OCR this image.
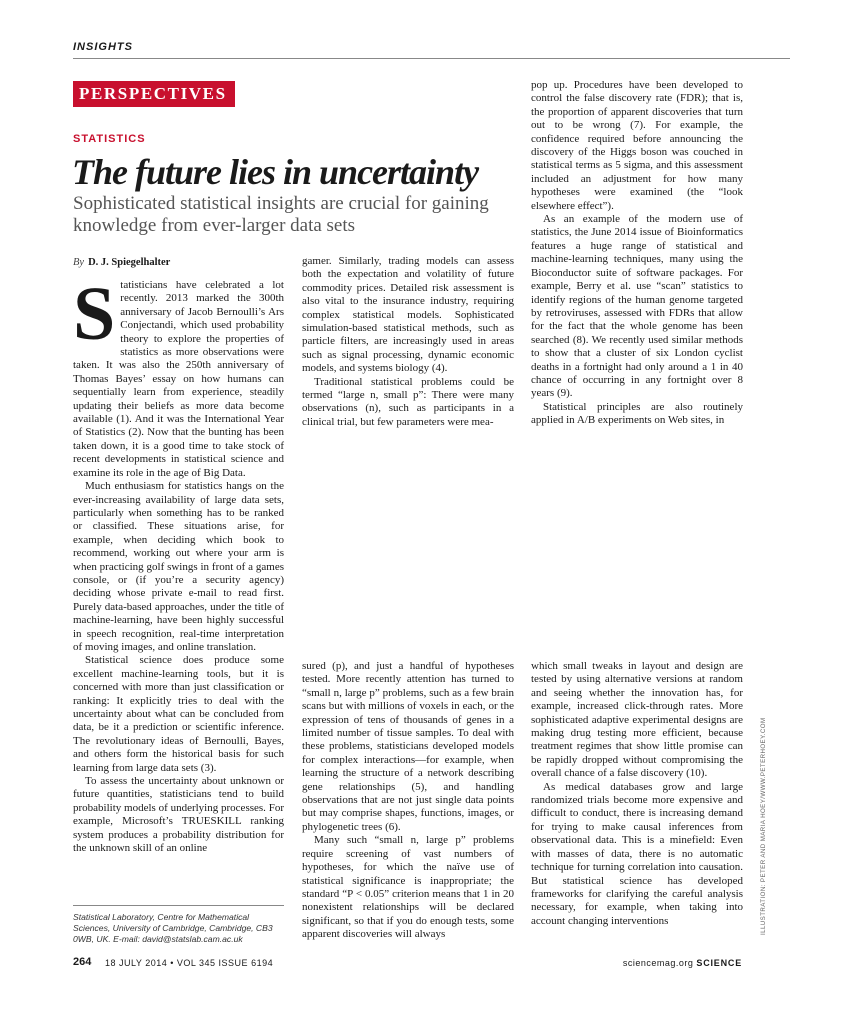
INSIGHTS
PERSPECTIVES
STATISTICS
The future lies in uncertainty

Sophisticated statistical insights are crucial for gaining knowledge from ever-larger data sets

By D. J. Spiegelhalter

Statisticians have celebrated a lot recently. 2013 marked the 300th anniversary of Jacob Bernoulli’s Ars Conjectandi, which used probability theory to explore the properties of statistics as more observations were taken. It was also the 250th anniversary of Thomas Bayes’ essay on how humans can sequentially learn from experience, steadily updating their beliefs as more data become available (1). And it was the International Year of Statistics (2). Now that the bunting has been taken down, it is a good time to take stock of recent developments in statistical science and examine its role in the age of Big Data.

Much enthusiasm for statistics hangs on the ever-increasing availability of large data sets, particularly when something has to be ranked or classified. These situations arise, for example, when deciding which book to recommend, working out where your arm is when practicing golf swings in front of a games console, or (if you’re a security agency) deciding whose private e-mail to read first. Purely data-based approaches, under the title of machine-learning, have been highly successful in speech recognition, real-time interpretation of moving images, and online translation.

Statistical science does produce some excellent machine-learning tools, but it is concerned with more than just classification or ranking: It explicitly tries to deal with the uncertainty about what can be concluded from data, be it a prediction or scientific inference. The revolutionary ideas of Bernoulli, Bayes, and others form the historical basis for such learning from large data sets (3).

To assess the uncertainty about unknown or future quantities, statisticians tend to build probability models of underlying processes. For example, Microsoft’s TRUESKILL ranking system produces a probability distribution for the unknown skill of an online

gamer. Similarly, trading models can assess both the expectation and volatility of future commodity prices. Detailed risk assessment is also vital to the insurance industry, requiring complex statistical models. Sophisticated simulation-based statistical methods, such as particle filters, are increasingly used in areas such as signal processing, dynamic economic models, and systems biology (4).

Traditional statistical problems could be termed “large n, small p”: There were many observations (n), such as participants in a clinical trial, but few parameters were mea-

sured (p), and just a handful of hypotheses tested. More recently attention has turned to “small n, large p” problems, such as a few brain scans but with millions of voxels in each, or the expression of tens of thousands of genes in a limited number of tissue samples. To deal with these problems, statisticians developed models for complex interactions—for example, when learning the structure of a network describing gene relationships (5), and handling observations that are not just single data points but may comprise shapes, functions, images, or phylogenetic trees (6).

Many such “small n, large p” problems require screening of vast numbers of hypotheses, for which the naïve use of statistical significance is inappropriate; the standard “P < 0.05” criterion means that 1 in 20 nonexistent relationships will be declared significant, so that if you do enough tests, some apparent discoveries will always

pop up. Procedures have been developed to control the false discovery rate (FDR); that is, the proportion of apparent discoveries that turn out to be wrong (7). For example, the confidence required before announcing the discovery of the Higgs boson was couched in statistical terms as 5 sigma, and this assessment included an adjustment for how many hypotheses were examined (the “look elsewhere effect”).

As an example of the modern use of statistics, the June 2014 issue of Bioinformatics features a huge range of statistical and machine-learning techniques, many using the Bioconductor suite of software packages. For example, Berry et al. use “scan” statistics to identify regions of the human genome targeted by retroviruses, assessed with FDRs that allow for the fact that the whole genome has been searched (8). We recently used similar methods to show that a cluster of six London cyclist deaths in a fortnight had only around a 1 in 40 chance of occurring in any fortnight over 8 years (9).

Statistical principles are also routinely applied in A/B experiments on Web sites, in

which small tweaks in layout and design are tested by using alternative versions at random and seeing whether the innovation has, for example, increased click-through rates. More sophisticated adaptive experimental designs are making drug testing more efficient, because treatment regimes that show little promise can be rapidly dropped without compromising the overall chance of a false discovery (10).

As medical databases grow and large randomized trials become more expensive and difficult to conduct, there is increasing demand for trying to make causal inferences from observational data. This is a minefield: Even with masses of data, there is no automatic technique for turning correlation into causation. But statistical science has developed frameworks for clarifying the careful analysis necessary, for example, when taking into account changing interventions

Statistical Laboratory, Centre for Mathematical Sciences, University of Cambridge, Cambridge, CB3 0WB, UK. E-mail: david@statslab.cam.ac.uk
264 18 JULY 2014 • VOL 345 ISSUE 6194	sciencemag.org SCIENCE
ILLUSTRATION: PETER AND MARIA HOEY/WWW.PETERHOEY.COM
